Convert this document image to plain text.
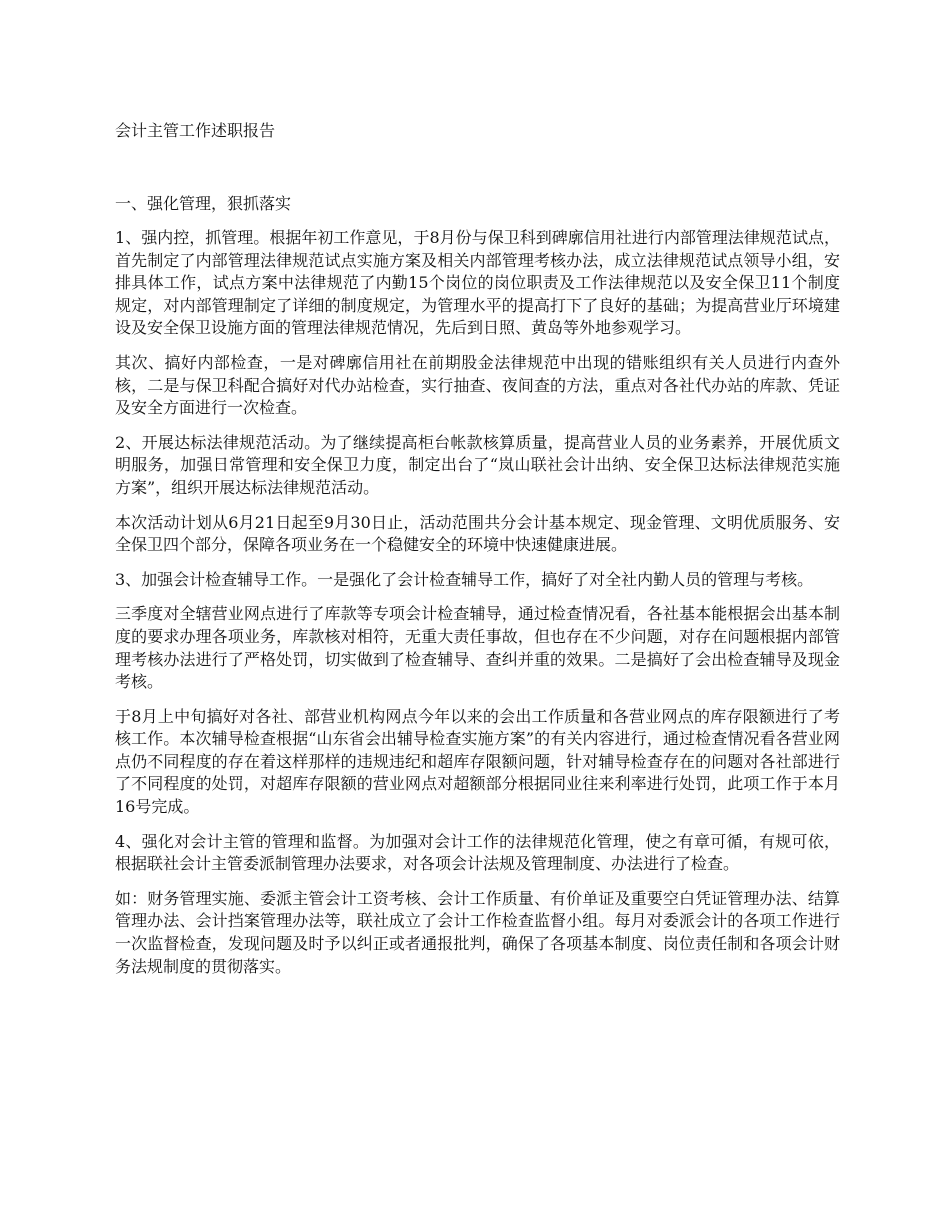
会计主管工作述职报告
一、强化管理，狠抓落实

1、强内控，抓管理。根据年初工作意见，于8月份与保卫科到碑廓信用社进行内部管理法律规范试点，首先制定了内部管理法律规范试点实施方案及相关内部管理考核办法，成立法律规范试点领导小组，安排具体工作，试点方案中法律规范了内勤15个岗位的岗位职责及工作法律规范以及安全保卫11个制度规定，对内部管理制定了详细的制度规定，为管理水平的提高打下了良好的基础；为提高营业厅环境建设及安全保卫设施方面的管理法律规范情况，先后到日照、黄岛等外地参观学习。

其次、搞好内部检查，一是对碑廓信用社在前期股金法律规范中出现的错账组织有关人员进行内查外核，二是与保卫科配合搞好对代办站检查，实行抽查、夜间查的方法，重点对各社代办站的库款、凭证及安全方面进行一次检查。

2、开展达标法律规范活动。为了继续提高柜台帐款核算质量，提高营业人员的业务素养，开展优质文明服务，加强日常管理和安全保卫力度，制定出台了“岚山联社会计出纳、安全保卫达标法律规范实施方案”，组织开展达标法律规范活动。

本次活动计划从6月21日起至9月30日止，活动范围共分会计基本规定、现金管理、文明优质服务、安全保卫四个部分，保障各项业务在一个稳健安全的环境中快速健康进展。

3、加强会计检查辅导工作。一是强化了会计检查辅导工作，搞好了对全社内勤人员的管理与考核。

三季度对全辖营业网点进行了库款等专项会计检查辅导，通过检查情况看，各社基本能根据会出基本制度的要求办理各项业务，库款核对相符，无重大责任事故，但也存在不少问题，对存在问题根据内部管理考核办法进行了严格处罚，切实做到了检查辅导、查纠并重的效果。二是搞好了会出检查辅导及现金考核。

于8月上中旬搞好对各社、部营业机构网点今年以来的会出工作质量和各营业网点的库存限额进行了考核工作。本次辅导检查根据“山东省会出辅导检查实施方案”的有关内容进行，通过检查情况看各营业网点仍不同程度的存在着这样那样的违规违纪和超库存限额问题，针对辅导检查存在的问题对各社部进行了不同程度的处罚，对超库存限额的营业网点对超额部分根据同业往来利率进行处罚，此项工作于本月16号完成。

4、强化对会计主管的管理和监督。为加强对会计工作的法律规范化管理，使之有章可循，有规可依，根据联社会计主管委派制管理办法要求，对各项会计法规及管理制度、办法进行了检查。

如：财务管理实施、委派主管会计工资考核、会计工作质量、有价单证及重要空白凭证管理办法、结算管理办法、会计挡案管理办法等，联社成立了会计工作检查监督小组。每月对委派会计的各项工作进行一次监督检查，发现问题及时予以纠正或者通报批判，确保了各项基本制度、岗位责任制和各项会计财务法规制度的贯彻落实。
